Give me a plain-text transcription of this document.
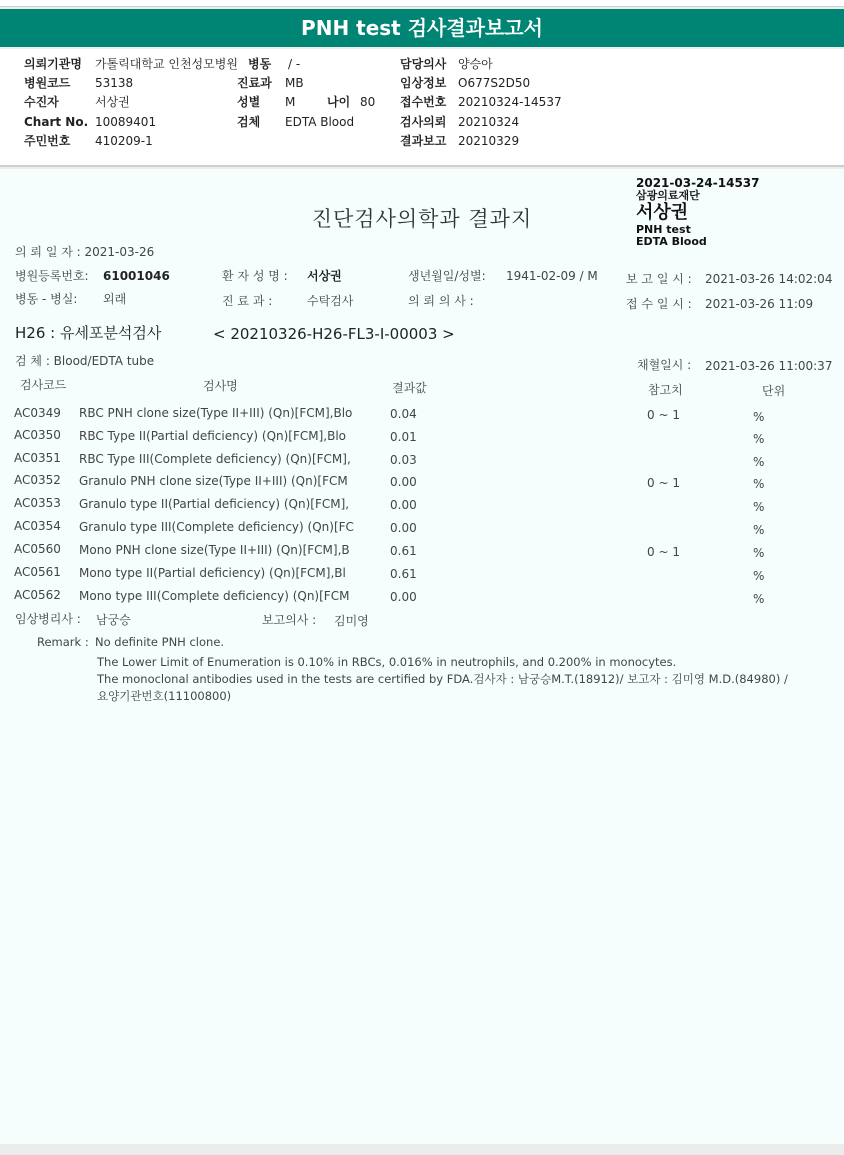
PNH test 검사결과보고서
의뢰기관명 가톨릭대학교 인천성모병원 병동 / -	담당의사 양승아
병원코드 53138	진료과 MB	임상정보 O677S2D50
수진자	서상권	성별 M	나이 80 접수번호 20210324-14537
Chart No. 10089401	검체 EDTA Blood	검사의뢰 20210324
주민번호 410209-1	결과보고 20210329
2021-03-24-14537
삼광의료재단
서상권
PNH test
EDTA Blood
진단검사의학과 결과지
의 뢰 일 자 : 2021-03-26
병원등록번호: 61001046	환 자 성 명 : 서상권	생년월일/성별: 1941-02-09 / M 보 고 일 시 : 2021-03-26 14:02:04
병동 - 병실: 외래	진 료 과 :	수탁검사	의 뢰 의 사 :	접 수 일 시 : 2021-03-26 11:09
H26 : 유세포분석검사	< 20210326-H26-FL3-I-00003 >
검 체 : Blood/EDTA tube	채혈일시 : 2021-03-26 11:00:37
검사코드	검사명	결과값	참고치	단위
AC0349 RBC PNH clone size(Type II+III) (Qn)[FCM],Blo	0.04	0 ~ 1	%
AC0350 RBC Type II(Partial deficiency) (Qn)[FCM],Blo	0.01	%
AC0351 RBC Type III(Complete deficiency) (Qn)[FCM],	0.03	%
AC0352 Granulo PNH clone size(Type II+III) (Qn)[FCM	0.00	0 ~ 1	%
AC0353 Granulo type II(Partial deficiency) (Qn)[FCM],	0.00	%
AC0354 Granulo type III(Complete deficiency) (Qn)[FC	0.00	%
AC0560 Mono PNH clone size(Type II+III) (Qn)[FCM],B	0.61	0 ~ 1	%
AC0561 Mono type II(Partial deficiency) (Qn)[FCM],Bl	0.61	%
AC0562 Mono type III(Complete deficiency) (Qn)[FCM	0.00	%
임상병리사 : 남궁승	보고의사 : 김미영
Remark : No definite PNH clone.
The Lower Limit of Enumeration is 0.10% in RBCs, 0.016% in neutrophils, and 0.200% in monocytes.
The monoclonal antibodies used in the tests are certified by FDA.검사자 : 남궁승M.T.(18912)/ 보고자 : 김미영 M.D.(84980) /
요양기관번호(11100800)
